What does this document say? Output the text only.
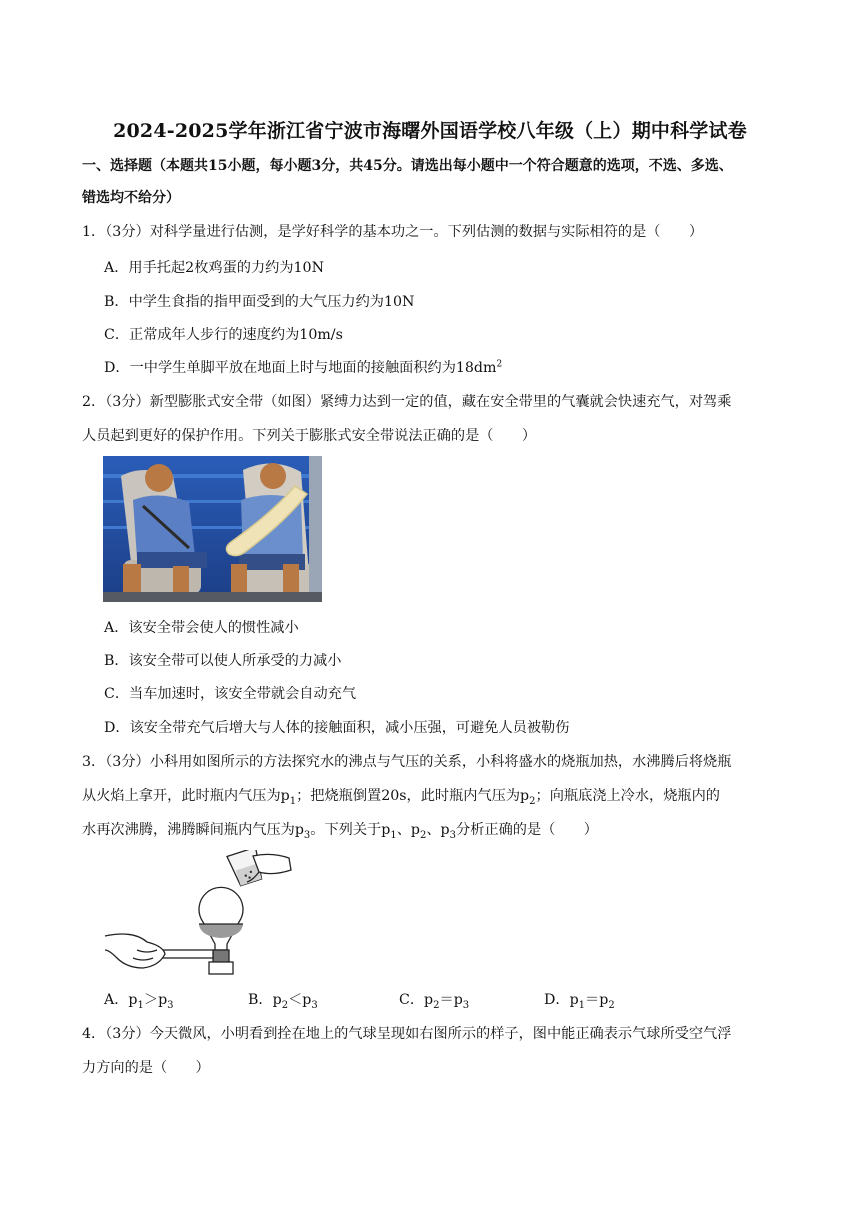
2024-2025学年浙江省宁波市海曙外国语学校八年级（上）期中科学试卷
一、选择题（本题共15小题，每小题3分，共45分。请选出每小题中一个符合题意的选项，不选、多选、
错选均不给分）
1．（3分）对科学量进行估测，是学好科学的基本功之一。下列估测的数据与实际相符的是（　　）
A．用手托起2枚鸡蛋的力约为10N
B．中学生食指的指甲面受到的大气压力约为10N
C．正常成年人步行的速度约为10m/s
D．一中学生单脚平放在地面上时与地面的接触面积约为$18dm^2$
2．（3分）新型膨胀式安全带（如图）紧缚力达到一定的值，藏在安全带里的气囊就会快速充气，对驾乘
人员起到更好的保护作用。下列关于膨胀式安全带说法正确的是（　　）
A．该安全带会使人的惯性减小
B．该安全带可以使人所承受的力减小
C．当车加速时，该安全带就会自动充气
D．该安全带充气后增大与人体的接触面积，减小压强，可避免人员被勒伤
3．（3分）小科用如图所示的方法探究水的沸点与气压的关系，小科将盛水的烧瓶加热，水沸腾后将烧瓶
从火焰上拿开，此时瓶内气压为$p_1$；把烧瓶倒置20s，此时瓶内气压为$p_2$；向瓶底浇上冷水，烧瓶内的
水再次沸腾，沸腾瞬间瓶内气压为$p_3$。下列关于$p_1$、$p_2$、$p_3$分析正确的是（　　）
A．$p_1>p_3$	B．$p_2<p_3$	C．$p_2=p_3$	D．$p_1=p_2$
4．（3分）今天微风，小明看到拴在地上的气球呈现如右图所示的样子，图中能正确表示气球所受空气浮
力方向的是（　　）
